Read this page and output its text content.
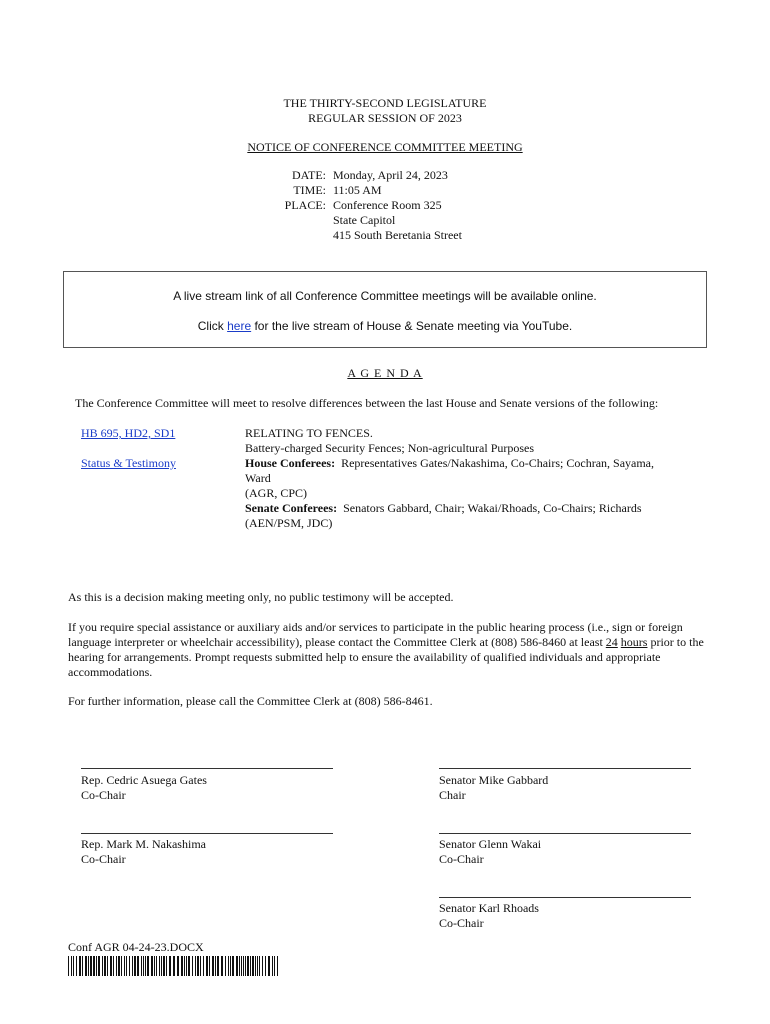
THE THIRTY-SECOND LEGISLATURE
REGULAR SESSION OF 2023
NOTICE OF CONFERENCE COMMITTEE MEETING
DATE: Monday, April 24, 2023
TIME: 11:05 AM
PLACE: Conference Room 325
State Capitol
415 South Beretania Street
A live stream link of all Conference Committee meetings will be available online.
Click here for the live stream of House & Senate meeting via YouTube.
A G E N D A
The Conference Committee will meet to resolve differences between the last House and Senate versions of the following:
HB 695, HD2, SD1
Status & Testimony
RELATING TO FENCES.
Battery-charged Security Fences; Non-agricultural Purposes
House Conferees:  Representatives Gates/Nakashima, Co-Chairs; Cochran, Sayama,
Ward
(AGR, CPC)
Senate Conferees:  Senators Gabbard, Chair; Wakai/Rhoads, Co-Chairs; Richards
(AEN/PSM, JDC)
As this is a decision making meeting only, no public testimony will be accepted.
If you require special assistance or auxiliary aids and/or services to participate in the public hearing process (i.e., sign or foreign language interpreter or wheelchair accessibility), please contact the Committee Clerk at (808) 586-8460 at least 24 hours prior to the hearing for arrangements. Prompt requests submitted help to ensure the availability of qualified individuals and appropriate accommodations.
For further information, please call the Committee Clerk at (808) 586-8461.
Rep. Cedric Asuega Gates
Co-Chair
Senator Mike Gabbard
Chair
Rep. Mark M. Nakashima
Co-Chair
Senator Glenn Wakai
Co-Chair
Senator Karl Rhoads
Co-Chair
Conf AGR 04-24-23.DOCX
